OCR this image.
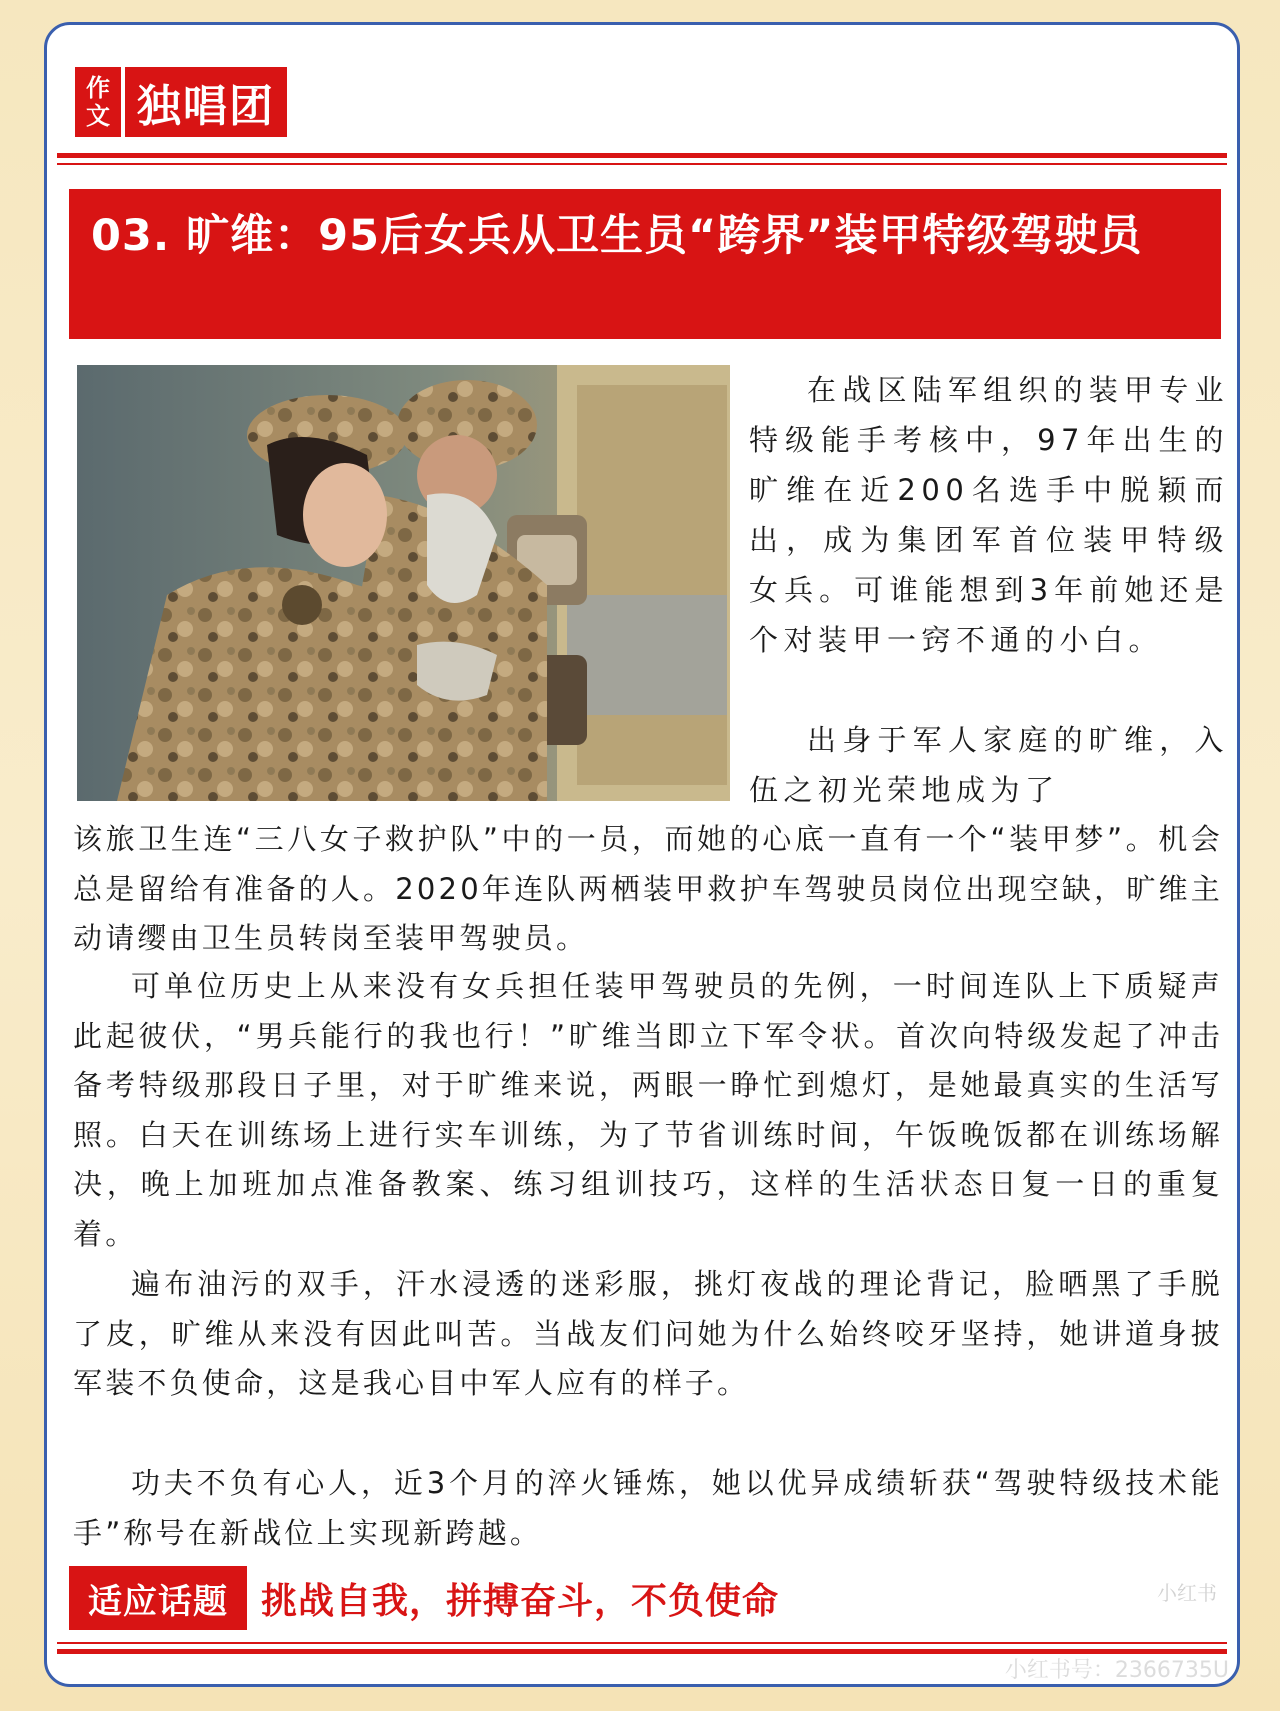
作
文 独唱团
03. 旷维：95后女兵从卫生员“跨界”装甲特级驾驶员

在战区陆军组织的装甲专业特级能手考核中，97年出生的旷维在近200名选手中脱颖而出，成为集团军首位装甲特级女兵。可谁能想到3年前她还是个对装甲一窍不通的小白。

出身于军人家庭的旷维，入伍之初光荣地成为了

该旅卫生连“三八女子救护队”中的一员，而她的心底一直有一个“装甲梦”。机会总是留给有准备的人。2020年连队两栖装甲救护车驾驶员岗位出现空缺，旷维主动请缨由卫生员转岗至装甲驾驶员。

可单位历史上从来没有女兵担任装甲驾驶员的先例，一时间连队上下质疑声此起彼伏，“男兵能行的我也行！”旷维当即立下军令状。首次向特级发起了冲击备考特级那段日子里，对于旷维来说，两眼一睁忙到熄灯，是她最真实的生活写照。白天在训练场上进行实车训练，为了节省训练时间，午饭晚饭都在训练场解决，晚上加班加点准备教案、练习组训技巧，这样的生活状态日复一日的重复着。

遍布油污的双手，汗水浸透的迷彩服，挑灯夜战的理论背记，脸晒黑了手脱了皮，旷维从来没有因此叫苦。当战友们问她为什么始终咬牙坚持，她讲道身披军装不负使命，这是我心目中军人应有的样子。

功夫不负有心人，近3个月的淬火锤炼，她以优异成绩斩获“驾驶特级技术能手”称号在新战位上实现新跨越。

适应话题 挑战自我，拼搏奋斗，不负使命	小红书
小红书号：2366735U
